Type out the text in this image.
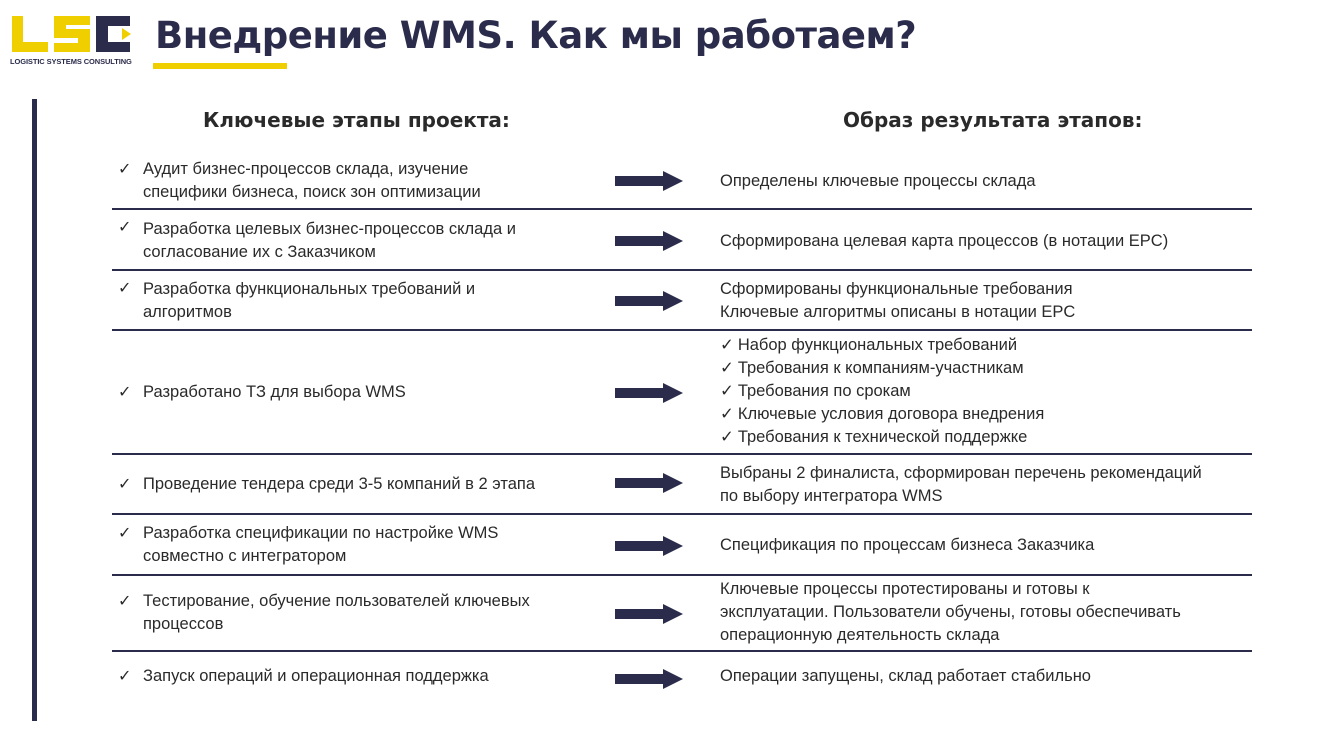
LOGISTIC SYSTEMS CONSULTING
Внедрение WMS. Как мы работаем?
Ключевые этапы проекта:	Образ результата этапов:
✓ Аудит бизнес-процессов склада, изучение
специфики бизнеса, поиск зон оптимизации
Определены ключевые процессы склада
✓ Разработка целевых бизнес-процессов склада и
согласование их с Заказчиком
Сформирована целевая карта процессов (в нотации EPC)
✓ Разработка функциональных требований и
алгоритмов
Сформированы функциональные требования
Ключевые алгоритмы описаны в нотации EPC
✓ Разработано ТЗ для выбора WMS
✓ Набор функциональных требований
✓ Требования к компаниям-участникам
✓ Требования по срокам
✓ Ключевые условия договора внедрения
✓ Требования к технической поддержке
✓ Проведение тендера среди 3-5 компаний в 2 этапа
Выбраны 2 финалиста, сформирован перечень рекомендаций
по выбору интегратора WMS
✓ Разработка спецификации по настройке WMS
совместно с интегратором
Спецификация по процессам бизнеса Заказчика
✓ Тестирование, обучение пользователей ключевых
процессов
Ключевые процессы протестированы и готовы к
эксплуатации. Пользователи обучены, готовы обеспечивать
операционную деятельность склада
✓ Запуск операций и операционная поддержка	Операции запущены, склад работает стабильно
